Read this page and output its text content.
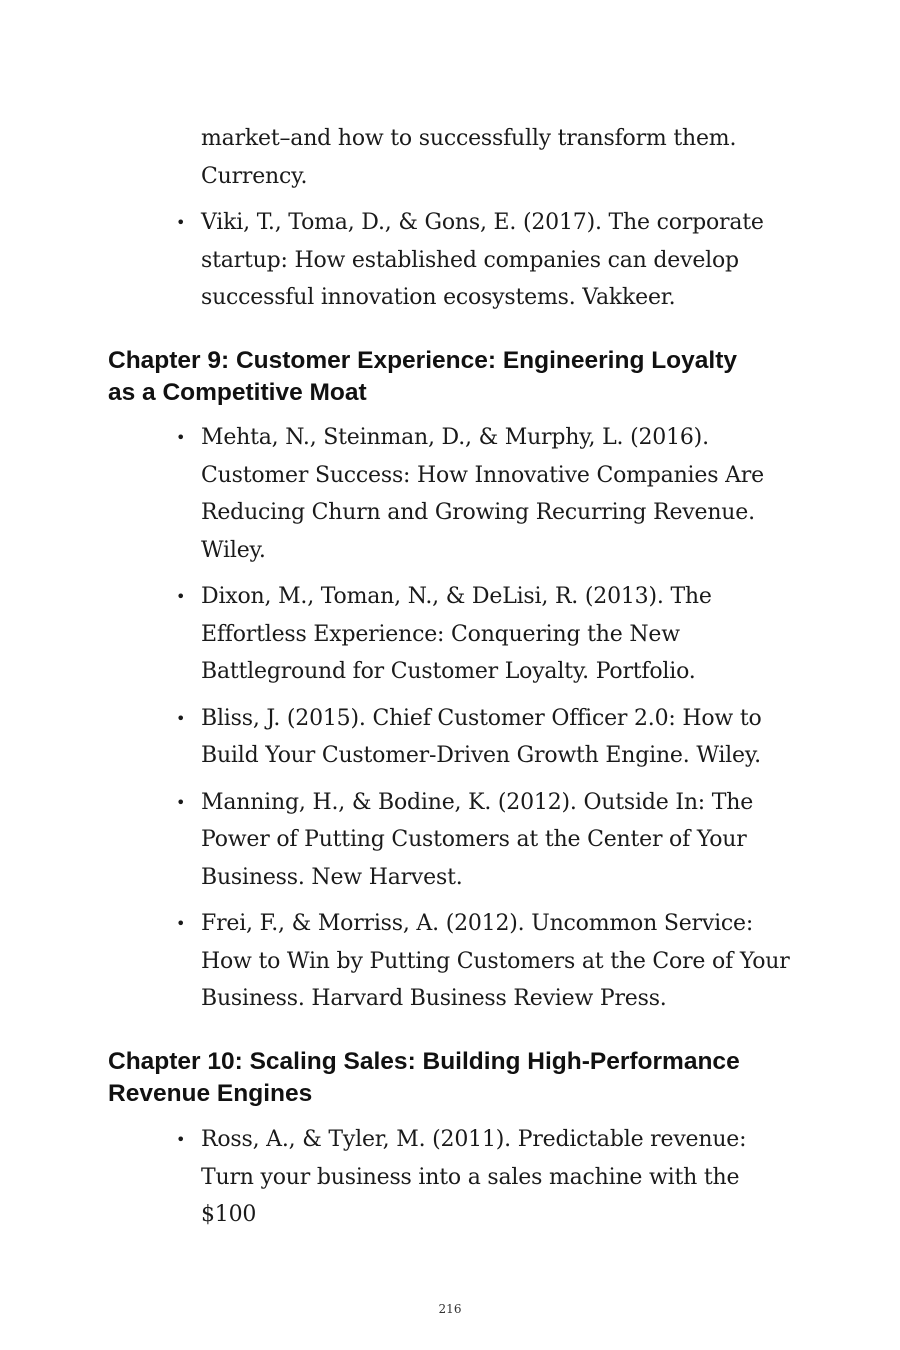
market–and how to successfully transform them.

Currency.

• Viki, T., Toma, D., & Gons, E. (2017). The corporate startup: How established companies can develop successful innovation ecosystems. Vakkeer.
Chapter 9: Customer Experience: Engineering Loyalty
as a Competitive Moat
• Mehta, N., Steinman, D., & Murphy, L. (2016). Customer Success: How Innovative Companies Are Reducing Churn and Growing Recurring Revenue. Wiley.
• Dixon, M., Toman, N., & DeLisi, R. (2013). The Effortless Experience: Conquering the New Battleground for Customer Loyalty. Portfolio.
• Bliss, J. (2015). Chief Customer Officer 2.0: How to Build Your Customer-Driven Growth Engine. Wiley.
• Manning, H., & Bodine, K. (2012). Outside In: The Power of Putting Customers at the Center of Your Business. New Harvest.
• Frei, F., & Morriss, A. (2012). Uncommon Service: How to Win by Putting Customers at the Core of Your Business. Harvard Business Review Press.
Chapter 10: Scaling Sales: Building High-Performance
Revenue Engines
• Ross, A., & Tyler, M. (2011). Predictable revenue: Turn your business into a sales machine with the $100
216
